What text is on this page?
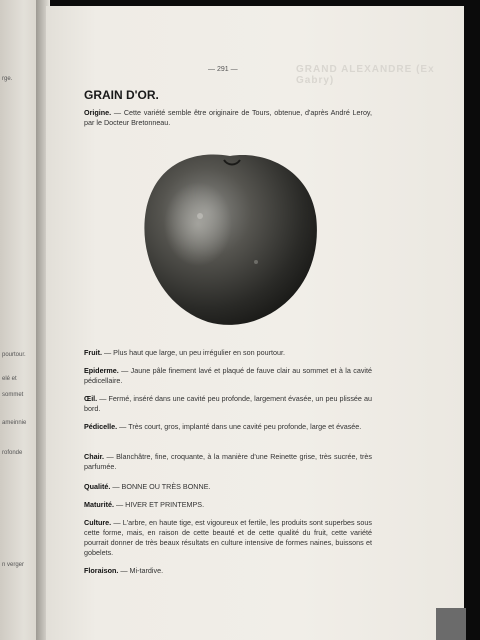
rge.
pourtour.
elé et
sommet
ameinnie
rofonde
n verger
— 291 —	GRAND ALEXANDRE (Ex Gabry)
GRAIN D'OR.
Origine. — Cette variété semble être originaire de Tours, obtenue, d'après André Leroy, par le Docteur Bretonneau.
Fruit. — Plus haut que large, un peu irrégulier en son pourtour.
Epiderme. — Jaune pâle finement lavé et plaqué de fauve clair au sommet et à la cavité pédicellaire.
Œil. — Fermé, inséré dans une cavité peu profonde, largement évasée, un peu plissée au bord.
Pédicelle. — Très court, gros, implanté dans une cavité peu profonde, large et évasée.
Chair. — Blanchâtre, fine, croquante, à la manière d'une Reinette grise, très sucrée, très parfumée.
Qualité. — BONNE OU TRÈS BONNE.
Maturité. — HIVER ET PRINTEMPS.
Culture. — L'arbre, en haute tige, est vigoureux et fertile, les produits sont superbes sous cette forme, mais, en raison de cette beauté et de cette qualité du fruit, cette variété pourrait donner de très beaux résultats en culture intensive de formes naines, buissons et gobelets.
Floraison. — Mi-tardive.
